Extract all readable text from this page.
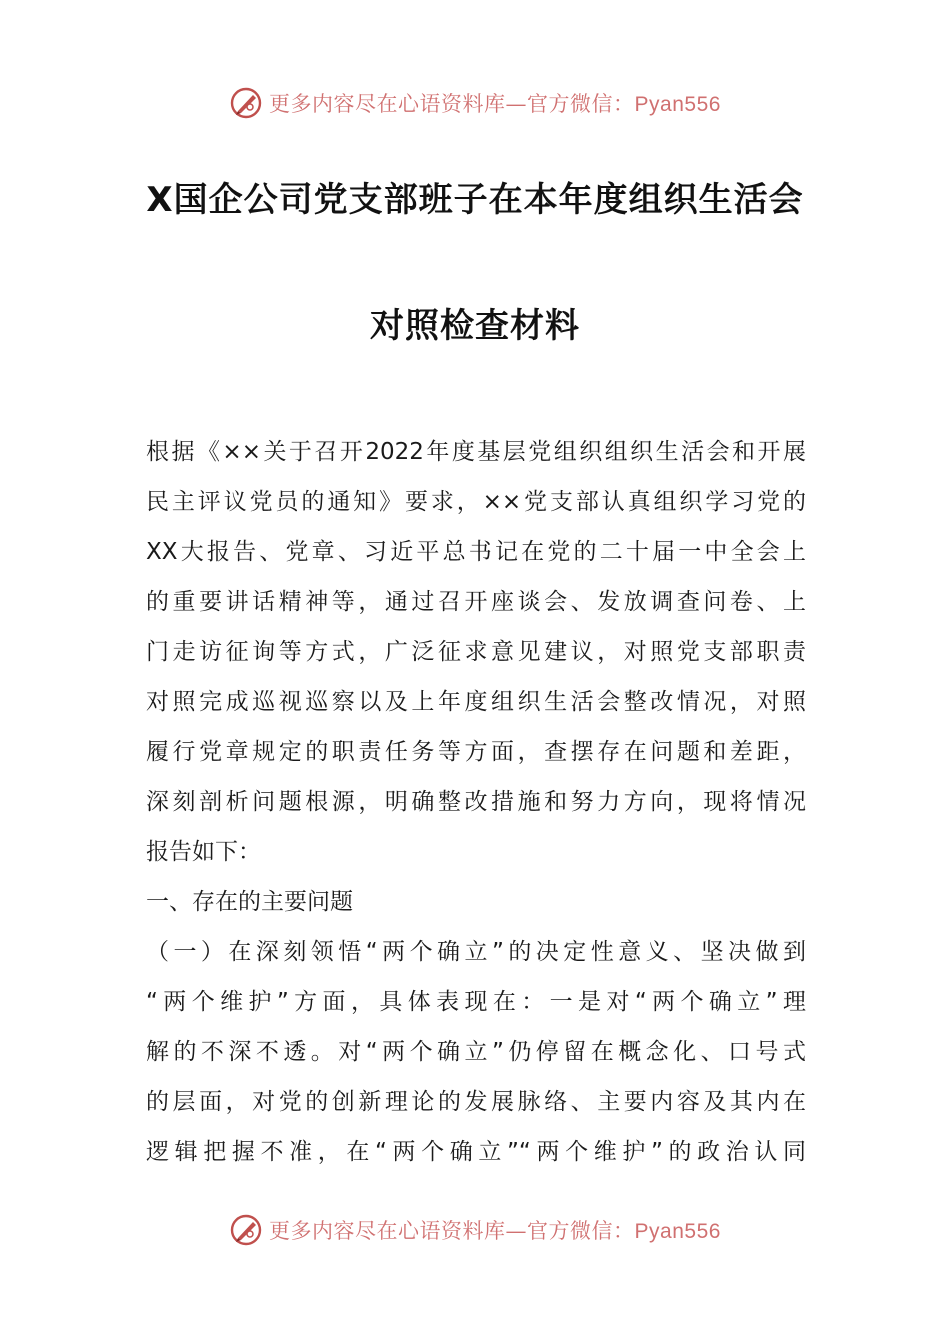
更多内容尽在心语资料库—官方微信：Pyan556
X国企公司党支部班子在本年度组织生活会
对照检查材料
根据《××关于召开2022年度基层党组织组织生活会和开展
民主评议党员的通知》要求，××党支部认真组织学习党的
XX大报告、党章、习近平总书记在党的二十届一中全会上
的重要讲话精神等，通过召开座谈会、发放调查问卷、上
门走访征询等方式，广泛征求意见建议，对照党支部职责
对照完成巡视巡察以及上年度组织生活会整改情况，对照
履行党章规定的职责任务等方面，查摆存在问题和差距，
深刻剖析问题根源，明确整改措施和努力方向，现将情况
报告如下：
一、存在的主要问题
（一）在深刻领悟“两个确立”的决定性意义、坚决做到
“两个维护”方面，具体表现在：一是对“两个确立”理
解的不深不透。对“两个确立”仍停留在概念化、口号式
的层面，对党的创新理论的发展脉络、主要内容及其内在
逻辑把握不准，在“两个确立”“两个维护”的政治认同
更多内容尽在心语资料库—官方微信：Pyan556
